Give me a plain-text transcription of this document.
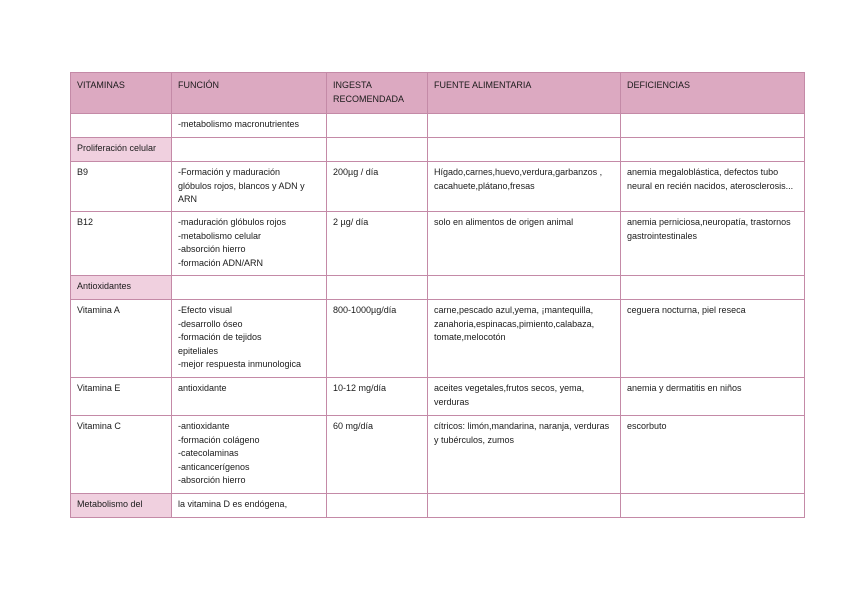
VITAMINAS	FUNCIÓN	INGESTA RECOMENDADA	FUENTE ALIMENTARIA	DEFICIENCIAS

	-metabolismo macronutrientes			

Proliferación celular				
B9	-Formación y maduración
glóbulos rojos, blancos y ADN y
ARN	200µg / día	Hígado,carnes,huevo,verdura,garbanzos , cacahuete,plátano,fresas	anemia megaloblástica, defectos tubo neural en recién nacidos, aterosclerosis...
B12	-maduración glóbulos rojos
-metabolismo celular
-absorción hierro
-formación ADN/ARN	2 µg/ día	solo en alimentos de origen animal	anemia perniciosa,neuropatía, trastornos gastrointestinales
Antioxidantes				
Vitamina A	-Efecto visual
-desarrollo óseo
-formación de tejidos
epiteliales
-mejor respuesta inmunologica	800-1000µg/día	carne,pescado azul,yema, ¡mantequilla, zanahoria,espinacas,pimiento,calabaza, tomate,melocotón	ceguera nocturna, piel reseca
Vitamina E	antioxidante	10-12 mg/día	aceites vegetales,frutos secos, yema, verduras	anemia y dermatitis en niños
Vitamina C	-antioxidante
-formación colágeno
-catecolaminas
-anticancerígenos
-absorción hierro	60 mg/día	cítricos: limón,mandarina, naranja, verduras y tubérculos, zumos	escorbuto
Metabolismo del	la vitamina D es endógena,			
